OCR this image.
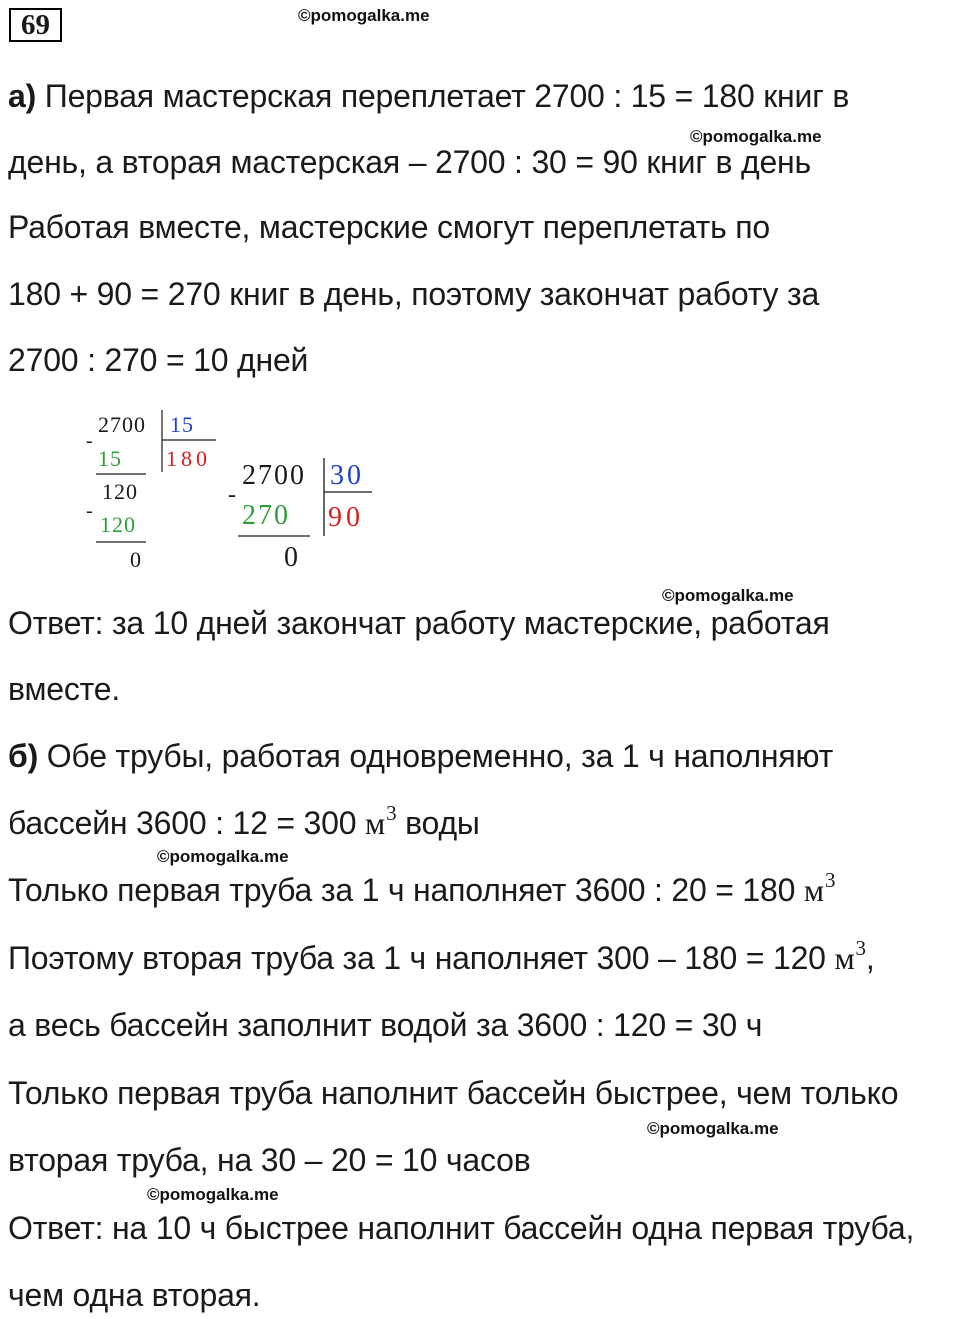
69	©pomogalka.me
©pomogalka.me
©pomogalka.me
©pomogalka.me
©pomogalka.me
©pomogalka.me
а) Первая мастерская переплетает 2700 : 15 = 180 книг в
день, а вторая мастерская – 2700 : 30 = 90 книг в день
Работая вместе, мастерские смогут переплетать по
180 + 90 = 270 книг в день, поэтому закончат работу за
2700 : 270 = 10 дней
-
2700 15
180
15
120
-
120
0
-
2700 30
90
270
0
Ответ: за 10 дней закончат работу мастерские, работая
вместе.
б) Обе трубы, работая одновременно, за 1 ч наполняют
бассейн 3600 : 12 = 300 $м^3$ воды
Только первая труба за 1 ч наполняет 3600 : 20 = 180 $м^3$
Поэтому вторая труба за 1 ч наполняет 300 – 180 = 120 $м^3$,
а весь бассейн заполнит водой за 3600 : 120 = 30 ч
Только первая труба наполнит бассейн быстрее, чем только
вторая труба, на 30 – 20 = 10 часов
Ответ: на 10 ч быстрее наполнит бассейн одна первая труба,
чем одна вторая.
